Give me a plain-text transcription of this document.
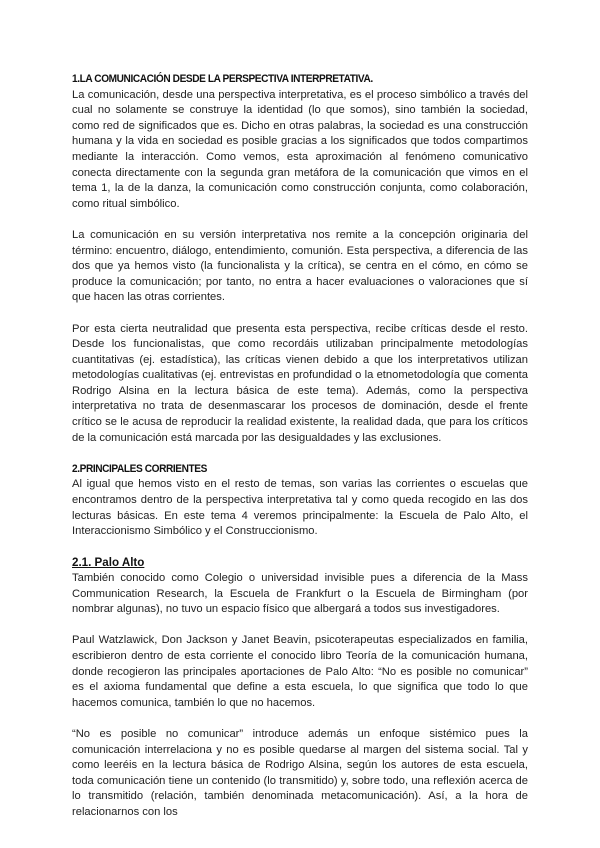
1.LA COMUNICACIÓN DESDE LA PERSPECTIVA INTERPRETATIVA.

La comunicación, desde una perspectiva interpretativa, es el proceso simbólico a través del cual no solamente se construye la identidad (lo que somos), sino también la sociedad, como red de significados que es. Dicho en otras palabras, la sociedad es una construcción humana y la vida en sociedad es posible gracias a los significados que todos compartimos mediante la interacción. Como vemos, esta aproximación al fenómeno comunicativo conecta directamente con la segunda gran metáfora de la comunicación que vimos en el tema 1, la de la danza, la comunicación como construcción conjunta, como colaboración, como ritual simbólico.

La comunicación en su versión interpretativa nos remite a la concepción originaria del término: encuentro, diálogo, entendimiento, comunión. Esta perspectiva, a diferencia de las dos que ya hemos visto (la funcionalista y la crítica), se centra en el cómo, en cómo se produce la comunicación; por tanto, no entra a hacer evaluaciones o valoraciones que sí que hacen las otras corrientes.

Por esta cierta neutralidad que presenta esta perspectiva, recibe críticas desde el resto. Desde los funcionalistas, que como recordáis utilizaban principalmente metodologías cuantitativas (ej. estadística), las críticas vienen debido a que los interpretativos utilizan metodologías cualitativas (ej. entrevistas en profundidad o la etnometodología que comenta Rodrigo Alsina en la lectura básica de este tema). Además, como la perspectiva interpretativa no trata de desenmascarar los procesos de dominación, desde el frente crítico se le acusa de reproducir la realidad existente, la realidad dada, que para los críticos de la comunicación está marcada por las desigualdades y las exclusiones.

2.PRINCIPALES CORRIENTES

Al igual que hemos visto en el resto de temas, son varias las corrientes o escuelas que encontramos dentro de la perspectiva interpretativa tal y como queda recogido en las dos lecturas básicas. En este tema 4 veremos principalmente: la Escuela de Palo Alto, el Interaccionismo Simbólico y el Construccionismo.

2.1. Palo Alto

También conocido como Colegio o universidad invisible pues a diferencia de la Mass Communication Research, la Escuela de Frankfurt o la Escuela de Birmingham (por nombrar algunas), no tuvo un espacio físico que albergará a todos sus investigadores.

Paul Watzlawick, Don Jackson y Janet Beavin, psicoterapeutas especializados en familia, escribieron dentro de esta corriente el conocido libro Teoría de la comunicación humana, donde recogieron las principales aportaciones de Palo Alto: “No es posible no comunicar” es el axioma fundamental que define a esta escuela, lo que significa que todo lo que hacemos comunica, también lo que no hacemos.

“No es posible no comunicar” introduce además un enfoque sistémico pues la comunicación interrelaciona y no es posible quedarse al margen del sistema social. Tal y como leeréis en la lectura básica de Rodrigo Alsina, según los autores de esta escuela, toda comunicación tiene un contenido (lo transmitido) y, sobre todo, una reflexión acerca de lo transmitido (relación, también denominada metacomunicación). Así, a la hora de relacionarnos con los
